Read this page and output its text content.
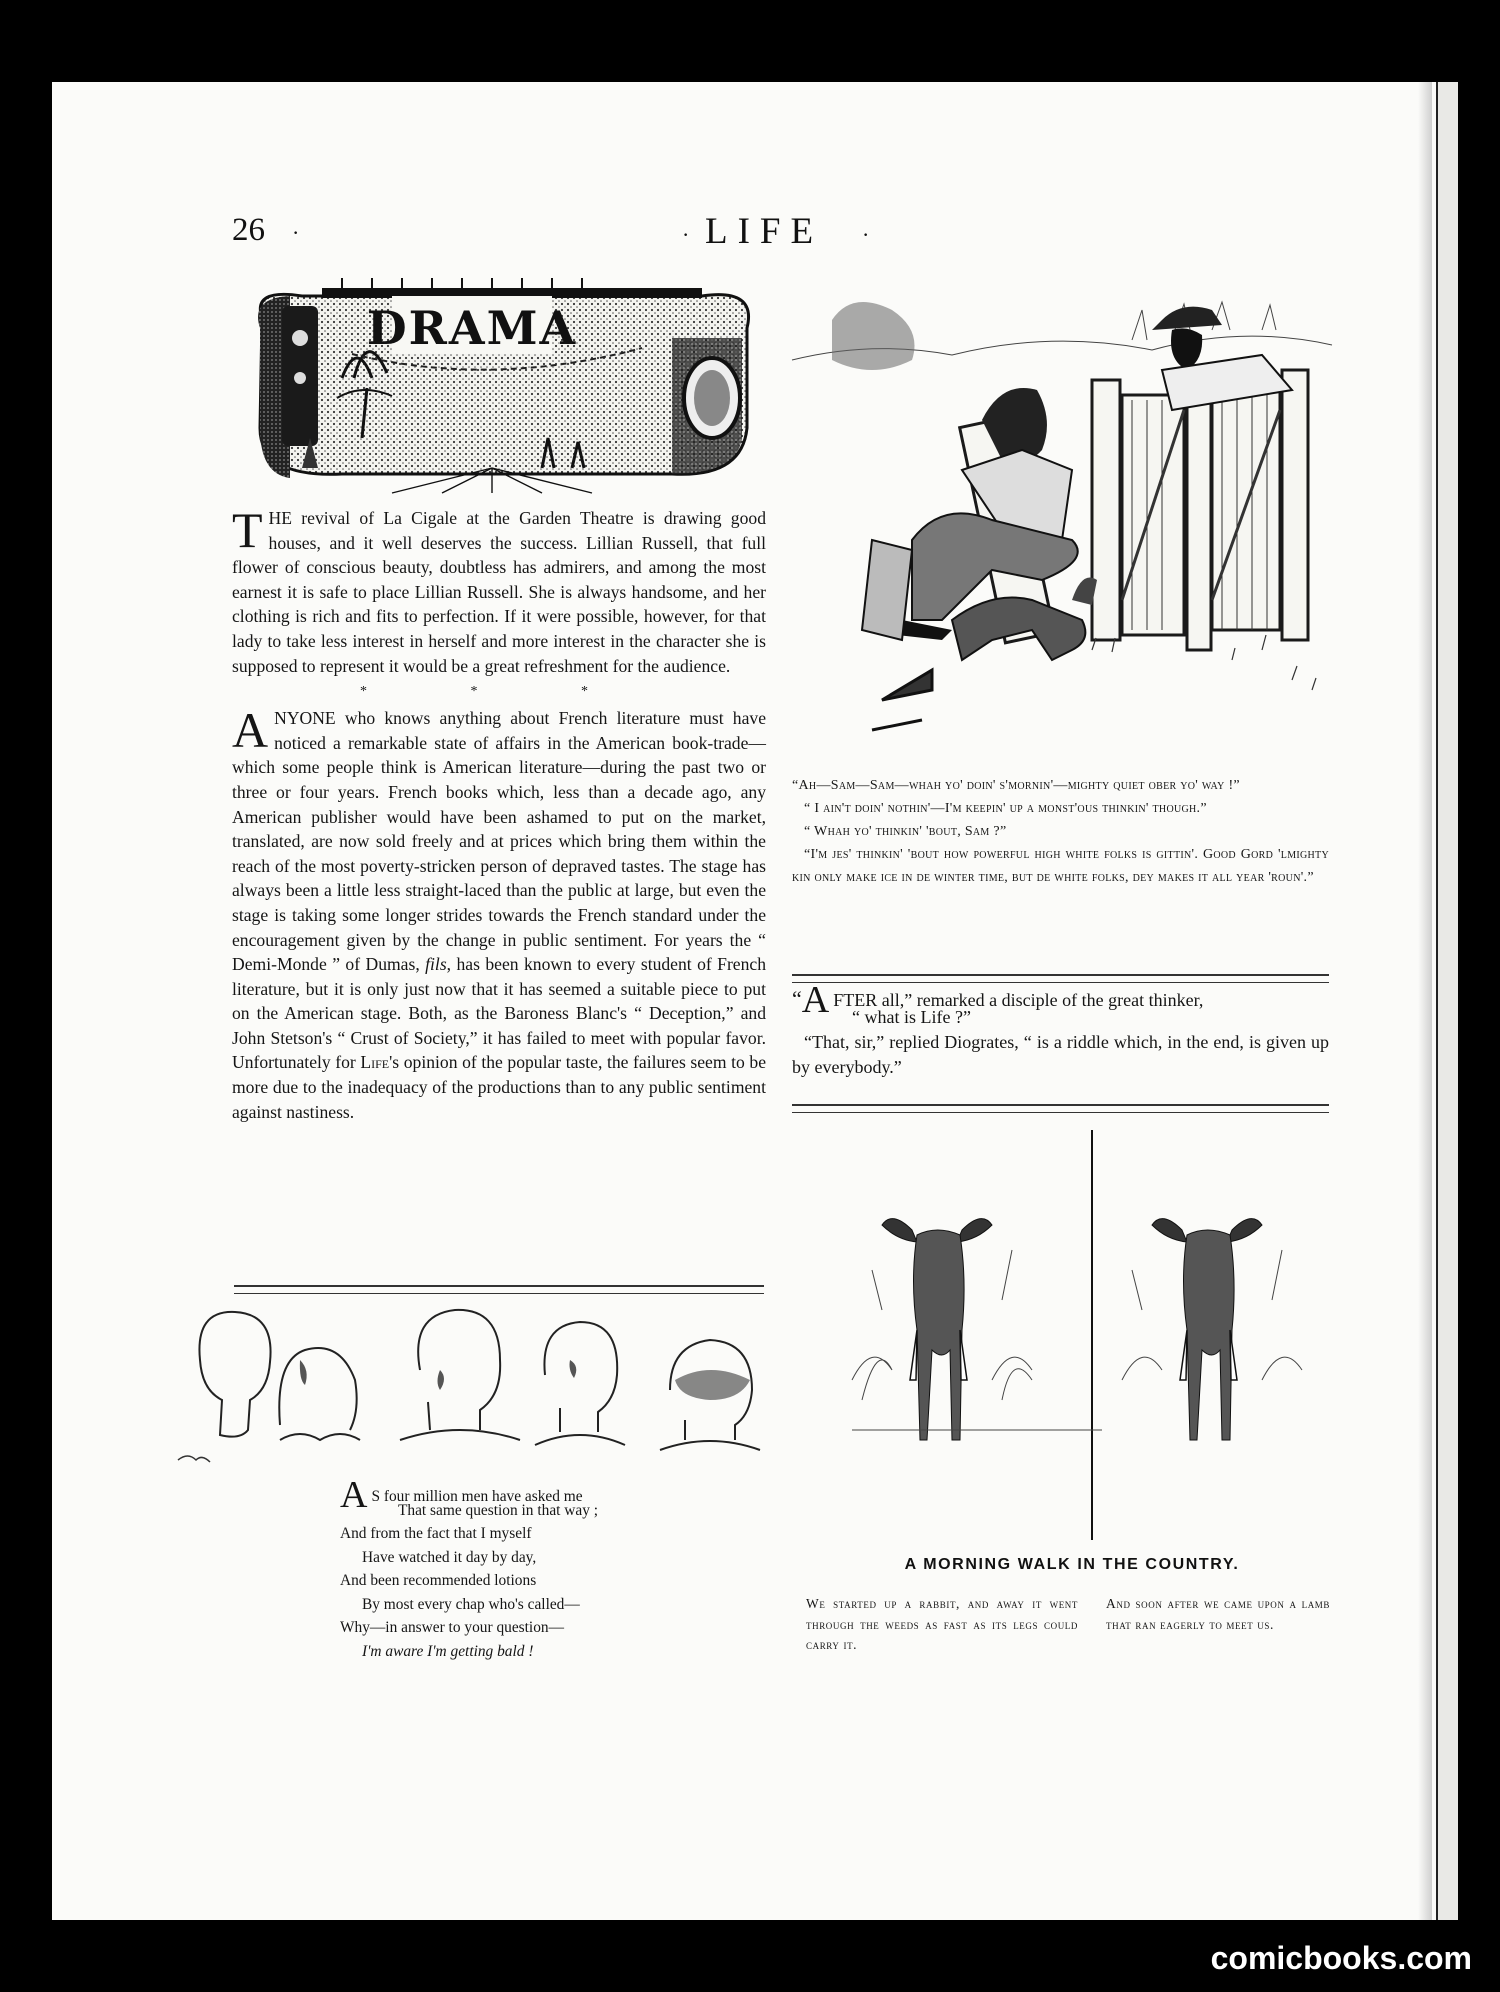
26 ·	· LIFE ·
DRAMA

THE revival of La Cigale at the Garden Theatre is drawing good houses, and it well deserves the success. Lillian Russell, that full flower of conscious beauty, doubtless has admirers, and among the most earnest it is safe to place Lillian Russell. She is always handsome, and her clothing is rich and fits to perfection. If it were possible, however, for that lady to take less interest in herself and more interest in the character she is supposed to represent it would be a great refreshment for the audience.

* * *

ANYONE who knows anything about French literature must have noticed a remarkable state of affairs in the American book-trade—which some people think is American literature—during the past two or three or four years. French books which, less than a decade ago, any American publisher would have been ashamed to put on the market, translated, are now sold freely and at prices which bring them within the reach of the most poverty-stricken person of depraved tastes. The stage has always been a little less straight-laced than the public at large, but even the stage is taking some longer strides towards the French standard under the encouragement given by the change in public sentiment. For years the “ Demi-Monde ” of Dumas, fils, has been known to every student of French literature, but it is only just now that it has seemed a suitable piece to put on the American stage. Both, as the Baroness Blanc's “ Deception,” and John Stetson's “ Crust of Society,” it has failed to meet with popular favor. Unfortunately for Life's opinion of the popular taste, the failures seem to be more due to the inadequacy of the productions than to any public sentiment against nastiness.

A S four million men have asked me
That same question in that way ;
And from the fact that I myself
Have watched it day by day,
And been recommended lotions
By most every chap who's called—
Why—in answer to your question—
I'm aware I'm getting bald !

“Ah—Sam—Sam—whah yo' doin' s'mornin'—mighty quiet ober yo' way !”

“ I ain't doin' nothin'—I'm keepin' up a monst'ous thinkin' though.”

“ Whah yo' thinkin' 'bout, Sam ?”

“I'm jes' thinkin' 'bout how powerful high white folks is gittin'. Good Gord 'lmighty kin only make ice in de winter time, but de white folks, dey makes it all year 'roun'.”

“A FTER all,” remarked a disciple of the great thinker,

“ what is Life ?”

“That, sir,” replied Diogrates, “ is a riddle which, in the end, is given up by everybody.”

A MORNING WALK IN THE COUNTRY.
We started up a rabbit, and away it went through the weeds as fast as its legs could carry it.
And soon after we came upon a lamb that ran eagerly to meet us.
comicbooks.com
